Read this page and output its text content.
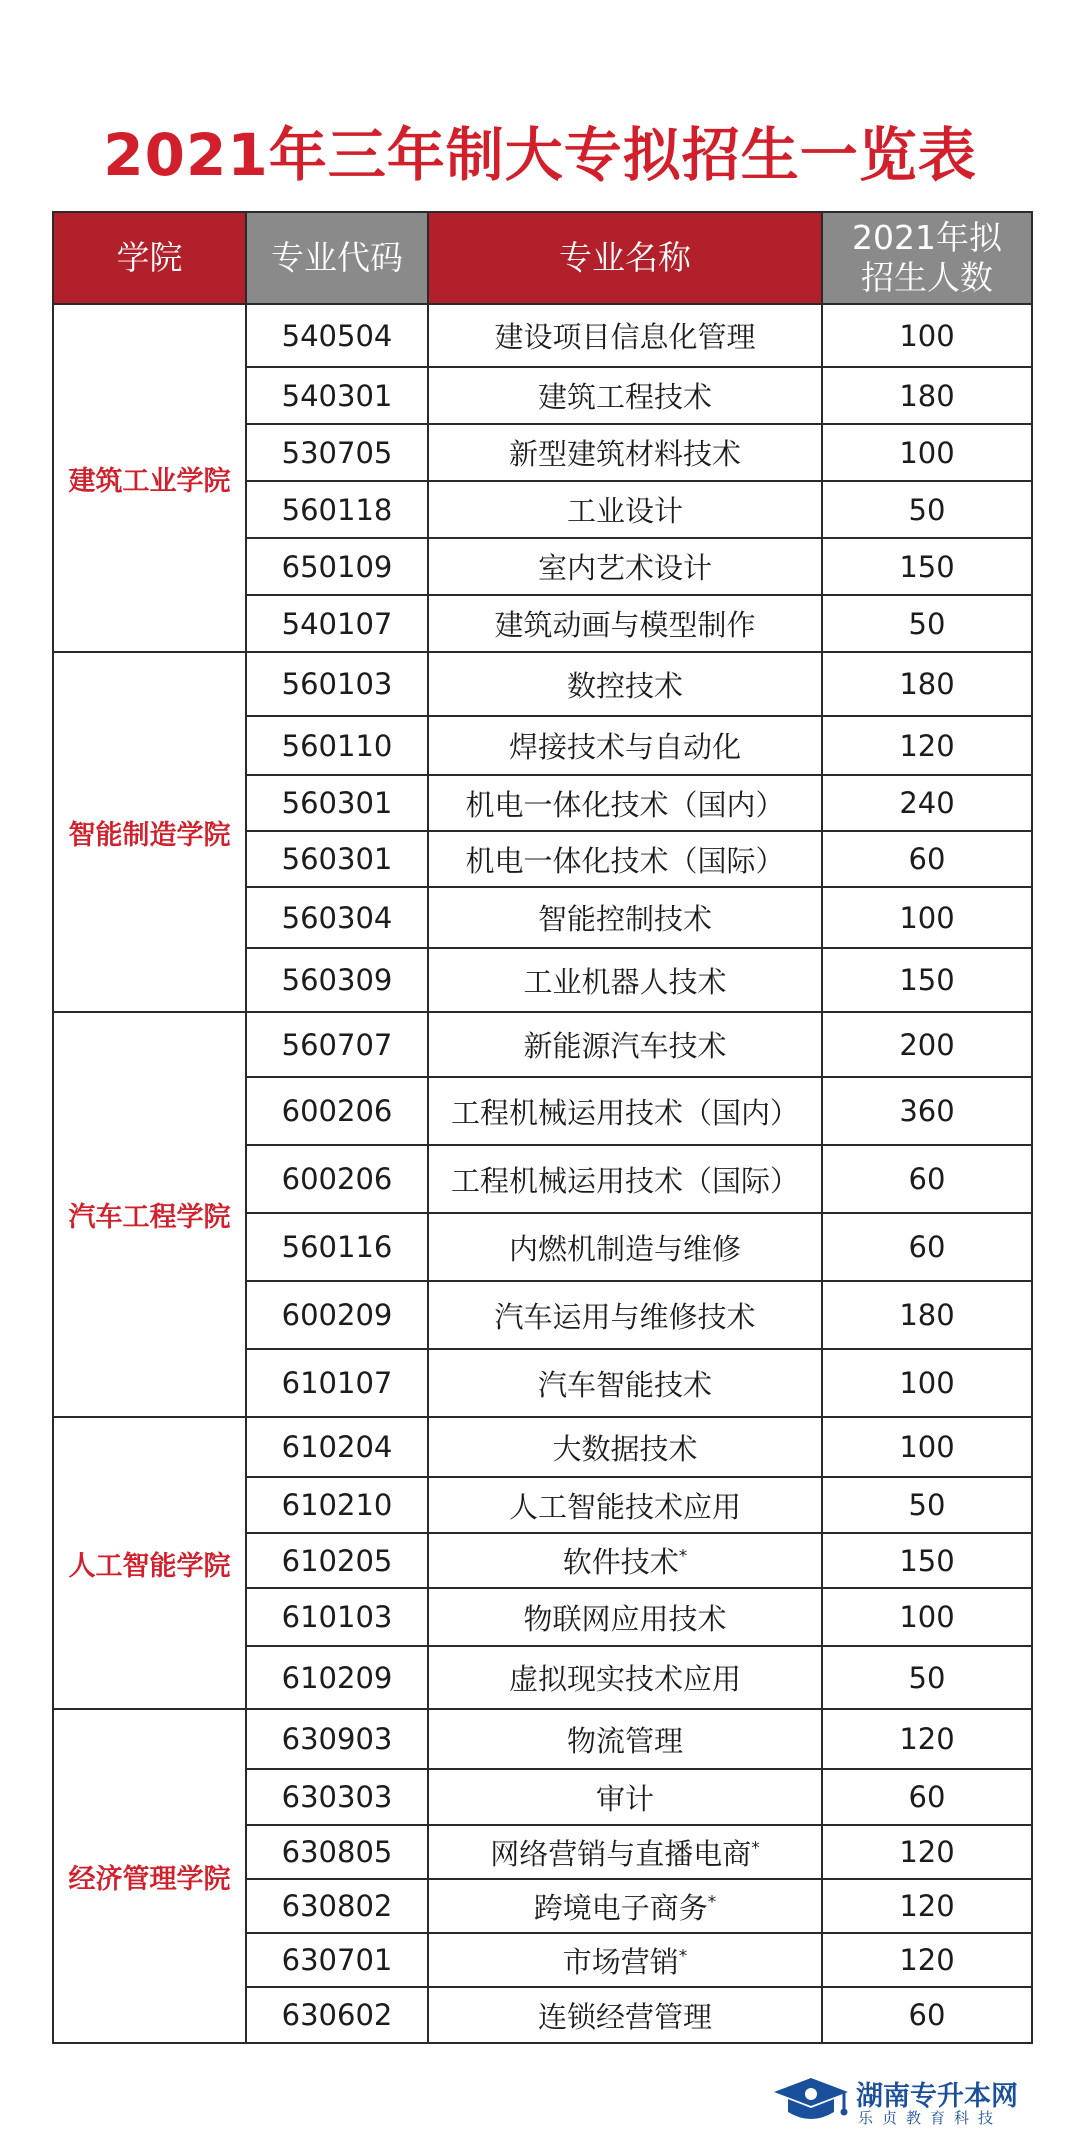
2021年三年制大专拟招生一览表
学院	专业代码	专业名称	2021年拟
招生人数
建筑工业学院	540504	建设项目信息化管理	100
	540301	建筑工程技术	180
	530705	新型建筑材料技术	100
	560118	工业设计	50
	650109	室内艺术设计	150
	540107	建筑动画与模型制作	50
智能制造学院	560103	数控技术	180
	560110	焊接技术与自动化	120
	560301	机电一体化技术（国内）	240
	560301	机电一体化技术（国际）	60
	560304	智能控制技术	100
	560309	工业机器人技术	150
汽车工程学院	560707	新能源汽车技术	200
	600206	工程机械运用技术（国内）	360
	600206	工程机械运用技术（国际）	60
	560116	内燃机制造与维修	60
	600209	汽车运用与维修技术	180
	610107	汽车智能技术	100
人工智能学院	610204	大数据技术	100
	610210	人工智能技术应用	50
	610205	软件技术*	150
	610103	物联网应用技术	100
	610209	虚拟现实技术应用	50
经济管理学院	630903	物流管理	120
	630303	审计	60
	630805	网络营销与直播电商*	120
	630802	跨境电子商务*	120
	630701	市场营销*	120
	630602	连锁经营管理	60
湖南专升本网
乐贞教育科技
